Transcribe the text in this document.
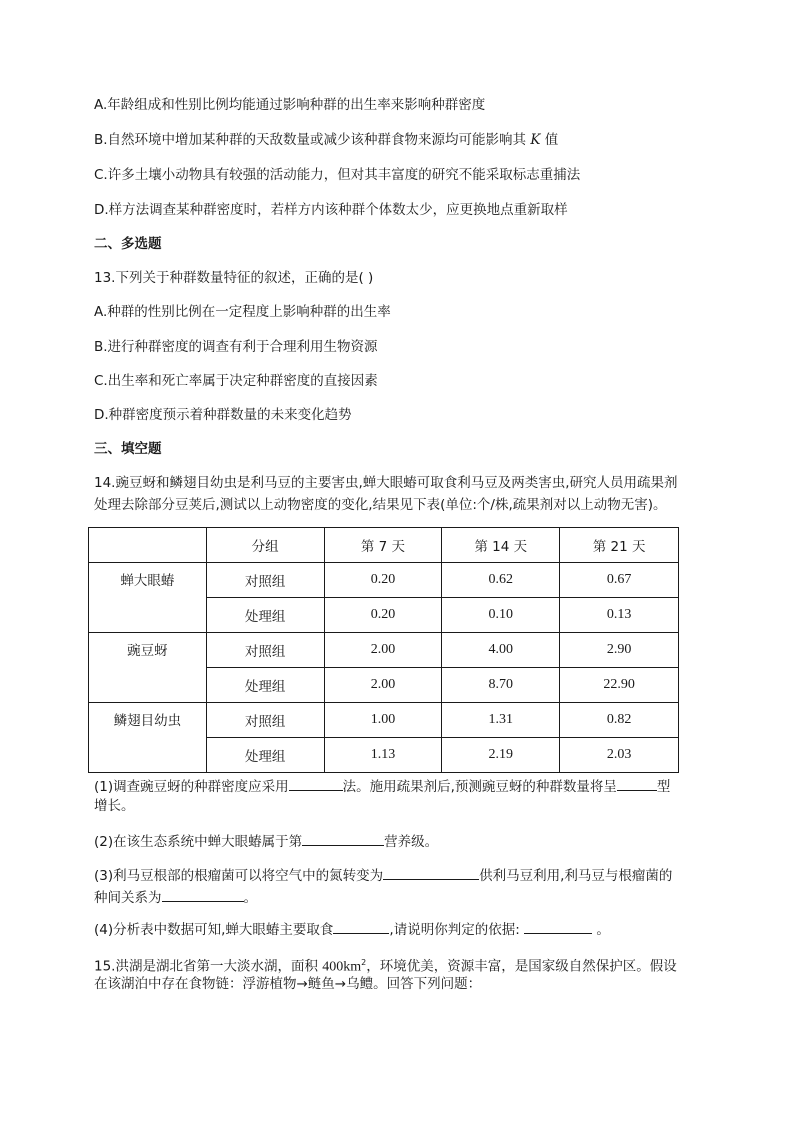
A.年龄组成和性别比例均能通过影响种群的出生率来影响种群密度
B.自然环境中增加某种群的天敌数量或减少该种群食物来源均可能影响其 K 值
C.许多土壤小动物具有较强的活动能力，但对其丰富度的研究不能采取标志重捕法
D.样方法调查某种群密度时，若样方内该种群个体数太少，应更换地点重新取样
二、多选题
13.下列关于种群数量特征的叙述，正确的是( )
A.种群的性别比例在一定程度上影响种群的出生率
B.进行种群密度的调查有利于合理利用生物资源
C.出生率和死亡率属于决定种群密度的直接因素
D.种群密度预示着种群数量的未来变化趋势
三、填空题
14.豌豆蚜和鳞翅目幼虫是利马豆的主要害虫,蝉大眼蝽可取食利马豆及两类害虫,研究人员用疏果剂
处理去除部分豆荚后,测试以上动物密度的变化,结果见下表(单位:个/株,疏果剂对以上动物无害)。
	分组	第 7 天	第 14 天	第 21 天
蝉大眼蝽	对照组	0.20	0.62	0.67
	处理组	0.20	0.10	0.13
豌豆蚜	对照组	2.00	4.00	2.90
	处理组	2.00	8.70	22.90
鳞翅目幼虫	对照组	1.00	1.31	0.82
	处理组	1.13	2.19	2.03
(1)调查豌豆蚜的种群密度应采用	法。施用疏果剂后,预测豌豆蚜的种群数量将呈	型
增长。
(2)在该生态系统中蝉大眼蝽属于第	营养级。
(3)利马豆根部的根瘤菌可以将空气中的氮转变为	供利马豆利用,利马豆与根瘤菌的
种间关系为	。
(4)分析表中数据可知,蝉大眼蝽主要取食	,请说明你判定的依据:	。
15.洪湖是湖北省第一大淡水湖，面积 $400km^2$，环境优美，资源丰富，是国家级自然保护区。假设
在该湖泊中存在食物链：浮游植物→鲢鱼→乌鳢。回答下列问题：
